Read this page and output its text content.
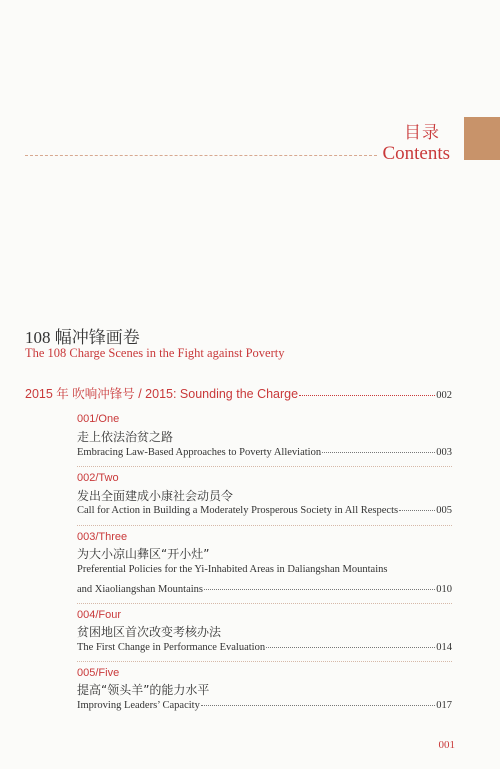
目录
Contents
108 幅冲锋画卷
The 108 Charge Scenes in the Fight against Poverty
2015 年 吹响冲锋号 / 2015: Sounding the Charge	002
001/One
走上依法治贫之路
Embracing Law-Based Approaches to Poverty Alleviation	003
002/Two
发出全面建成小康社会动员令
Call for Action in Building a Moderately Prosperous Society in All Respects	005
003/Three
为大小凉山彝区“开小灶”
Preferential Policies for the Yi-Inhabited Areas in Daliangshan Mountains
and Xiaoliangshan Mountains	010
004/Four
贫困地区首次改变考核办法
The First Change in Performance Evaluation	014
005/Five
提高“领头羊”的能力水平
Improving Leaders’ Capacity	017
001
